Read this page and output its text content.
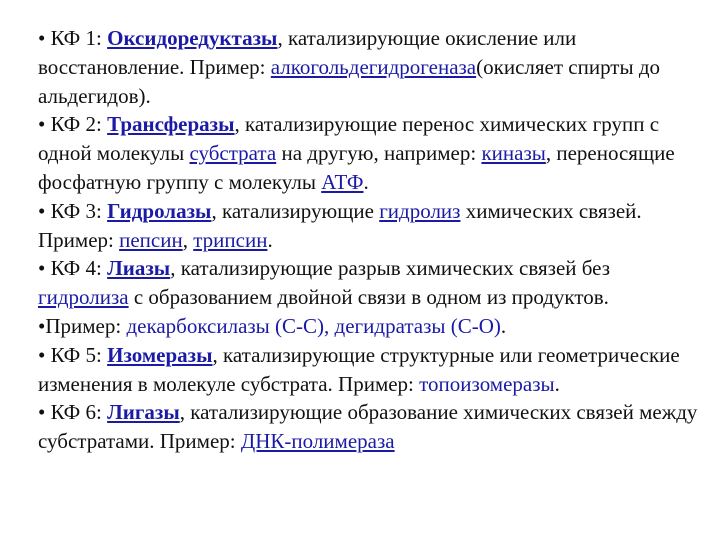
• КФ 1: Оксидоредуктазы, катализирующие окисление или восстановление. Пример: алкогольдегидрогеназа(окисляет спирты до альдегидов).

• КФ 2: Трансферазы, катализирующие перенос химических групп с одной молекулы субстрата на другую, например: киназы, переносящие фосфатную группу с молекулы АТФ.

• КФ 3: Гидролазы, катализирующие гидролиз химических связей. Пример: пепсин, трипсин.

• КФ 4: Лиазы, катализирующие разрыв химических связей без гидролиза с образованием двойной связи в одном из продуктов.

•Пример: декарбоксилазы (С-С), дегидратазы (С-О).

• КФ 5: Изомеразы, катализирующие структурные или геометрические изменения в молекуле субстрата. Пример: топоизомеразы.

• КФ 6: Лигазы, катализирующие образование химических связей между субстратами. Пример: ДНК-полимераза
